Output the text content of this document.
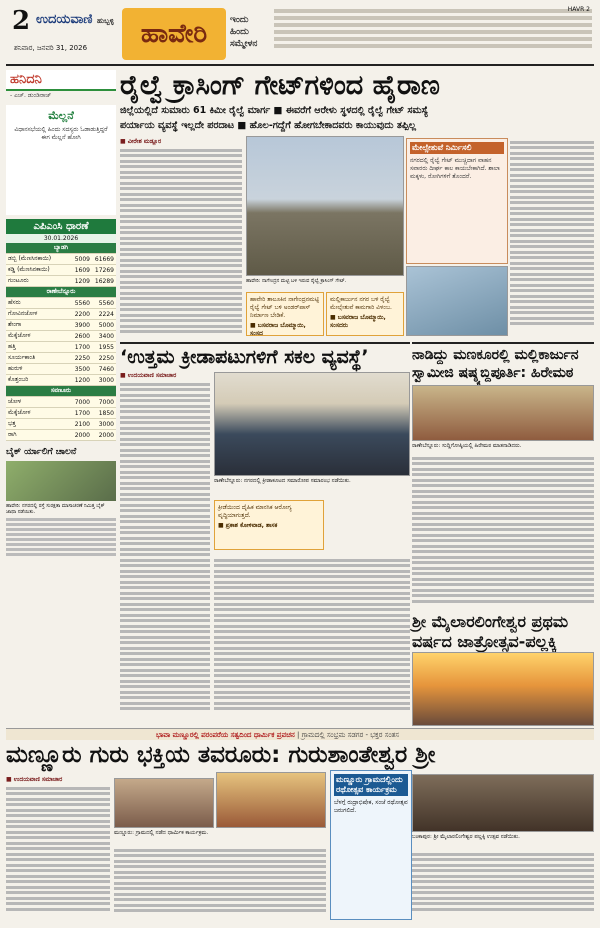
2 ಉದಯವಾಣಿ ಹುಬ್ಬಳ್ಳಿ
ಶನಿವಾರ, ಜನವರಿ 31, 2026	ಹಾವೇರಿ	ಇಂದು ಹಿಂದು ಸಮ್ಮೇಳನ
HAVR 2
ಹನಿದನಿ
- ಎಚ್. ಡುಂಡಿರಾಜ್
ಮೆಲ್ಲನೆ
ವಿಧಾನಸಭೆಯಲ್ಲಿ ಹಿಂದು ಸದಸ್ಯರು ಓಡಾಡುತ್ತಿದ್ದರೆ ಈಗ ಮೆಲ್ಲನೆ ಹೋಗಿ
ಎಪಿಎಂಸಿ ಧಾರಣೆ
30.01.2026
ಬ್ಯಾಡಗಿ		
ಡಬ್ಬಿ (ಮೆಣಸಿನಕಾಯಿ)	5009	61669
ಕಡ್ಡಿ (ಮೆಣಸಿನಕಾಯಿ)	1609	17269
ಗುಂಟೂರು	1209	16289
ರಾಣೇಬೆನ್ನೂರು		
ಹೆಸರು	5560	5560
ಗೋವಿನಜೋಳ	2200	2224
ಶೇಂಗಾ	3900	5000
ಮೆಕ್ಕೆಜೋಳ	2600	3400
ಹತ್ತಿ	1700	1955
ಸೂರ್ಯಕಾಂತಿ	2250	2250
ಹುರುಳಿ	3500	7460
ಕೊತ್ತಂಬರಿ	1200	3000
ಸವಣೂರು		
ಜೋಳ	7000	7000
ಮೆಕ್ಕೆಜೋಳ	1700	1850
ಭತ್ತ	2100	3000
ರಾಗಿ	2000	2000
ಬೈಕ್ ರ್ಯಾಲಿಗೆ ಚಾಲನೆ
ಹಾವೇರಿ: ನಗರದಲ್ಲಿ ರಸ್ತೆ ಸುರಕ್ಷತಾ ಮಾಸಾಚರಣೆ ನಿಮಿತ್ತ ಬೈಕ್ ಜಾಥಾ ನಡೆಯಿತು.
ರೈಲ್ವೆ ಕ್ರಾಸಿಂಗ್ ಗೇಟ್‌ಗಳಿಂದ ಹೈರಾಣ
ಜಿಲ್ಲೆಯಲ್ಲಿದೆ ಸುಮಾರು 61 ಕಿಮೀ ರೈಲ್ವೆ ಮಾರ್ಗ ■ ಈವರೆಗೆ ಆರೇಳು ಸ್ಥಳದಲ್ಲಿ ರೈಲ್ವೆ ಗೇಟ್ ಸಮಸ್ಯೆ
ಪರ್ಯಾಯ ವ್ಯವಸ್ಥೆ ಇಲ್ಲದೇ ಪರದಾಟ ■ ಹೊಲ-ಗದ್ದೆಗೆ ಹೋಗಬೇಕಾದವರು ಕಾಯುವುದು ತಪ್ಪಿಲ್ಲ
■ ವೀರೇಶ ಮಡ್ಲೂರ
ಹಾವೇರಿ: ನಾಗೇಂದ್ರನ ಮಟ್ಟಿ ಬಳಿ ಇರುವ ರೈಲ್ವೆ ಕ್ರಾಸಿಂಗ್ ಗೇಟ್.
ಹಾವೇರಿ ತಾಲೂಕಿನ ನಾಗೇಂದ್ರನಮಟ್ಟಿ ರೈಲ್ವೆ ಗೇಟ್ ಬಳಿ ಅಂಡರ್‌ಪಾಸ್ ನಿರ್ಮಾಣ ಬೇಡಿಕೆ.
■ ಬಸವರಾಜ ಬೊಮ್ಮಾಯಿ, ಸಂಸದ
ಮಲ್ಲಿಕಾರ್ಜುನ ನಗರ ಬಳಿ ರೈಲ್ವೆ ಮೇಲ್ಸೇತುವೆ ಕಾಮಗಾರಿ ವಿಳಂಬ.
■ ಬಸವರಾಜ ಬೊಮ್ಮಾಯಿ, ಸಂಸದರು
ಮೇಲ್ಸೇತುವೆ ನಿರ್ಮಿಸಲಿ
ನಗರದಲ್ಲಿ ರೈಲ್ವೆ ಗೇಟ್ ಮುಚ್ಚಿದಾಗ ವಾಹನ ಸವಾರರು ದೀರ್ಘ ಕಾಲ ಕಾಯಬೇಕಾಗಿದೆ. ಶಾಲಾ ಮಕ್ಕಳು, ರೋಗಿಗಳಿಗೆ ತೊಂದರೆ.
‘ಉತ್ತಮ ಕ್ರೀಡಾಪಟುಗಳಿಗೆ ಸಕಲ ವ್ಯವಸ್ಥೆ’
■ ಉದಯವಾಣಿ ಸಮಾಚಾರ
ರಾಣೇಬೆನ್ನೂರು: ನಗರದಲ್ಲಿ ಕ್ರೀಡಾಕೂಟದ ಸಮಾರೋಪ ಸಮಾರಂಭ ನಡೆಯಿತು.
ಕ್ರೀಡೆಯಿಂದ ದೈಹಿಕ ಮಾನಸಿಕ ಆರೋಗ್ಯ ವೃದ್ಧಿಯಾಗುತ್ತದೆ.
■ ಪ್ರಕಾಶ ಕೋಳಿವಾಡ, ಶಾಸಕ
ನಾಡಿದ್ದು ಮಣಕೂರಲ್ಲಿ ಮಲ್ಲಿಕಾರ್ಜುನ ಸ್ವಾಮೀಜಿ ಷಷ್ಠ್ಯಬ್ದಿಪೂರ್ತಿ: ಹಿರೇಮಠ
ರಾಣೇಬೆನ್ನೂರು: ಸುದ್ದಿಗೋಷ್ಠಿಯಲ್ಲಿ ಹಿರೇಮಠ ಮಾತನಾಡಿದರು.
ಶ್ರೀ ಮೈಲಾರಲಿಂಗೇಶ್ವರ ಪ್ರಥಮ ವರ್ಷದ ಜಾತ್ರೋತ್ಸವ-ಪಲ್ಲಕ್ಕಿ
ಭಾವಾ ಮಣ್ಣೂರಲ್ಲಿ ಪರಂಪರೆಯ ಸತ್ವದಿಂದ ಧಾರ್ಮಿಕ ಪ್ರವಚನ | ಗ್ರಾಮದಲ್ಲಿ ಸಂಭ್ರಮ ಸಡಗರ - ಭಕ್ತರ ಸಂತಸ
ಮಣ್ಣೂರು ಗುರು ಭಕ್ತಿಯ ತವರೂರು: ಗುರುಶಾಂತೇಶ್ವರ ಶ್ರೀ
■ ಉದಯವಾಣಿ ಸಮಾಚಾರ
ಮಣ್ಣೂರು: ಗ್ರಾಮದಲ್ಲಿ ನಡೆದ ಧಾರ್ಮಿಕ ಕಾರ್ಯಕ್ರಮ.
ಮಣ್ಣೂರು ಗ್ರಾಮದಲ್ಲಿಂದು ರಥೋತ್ಸವ ಕಾರ್ಯಕ್ರಮ
ಬೆಳಗ್ಗೆ ರುದ್ರಾಭಿಷೇಕ, ಸಂಜೆ ರಥೋತ್ಸವ ಜರುಗಲಿದೆ.
ಬಂಕಾಪುರ: ಶ್ರೀ ಮೈಲಾರಲಿಂಗೇಶ್ವರ ಪಲ್ಲಕ್ಕಿ ಉತ್ಸವ ನಡೆಯಿತು.
